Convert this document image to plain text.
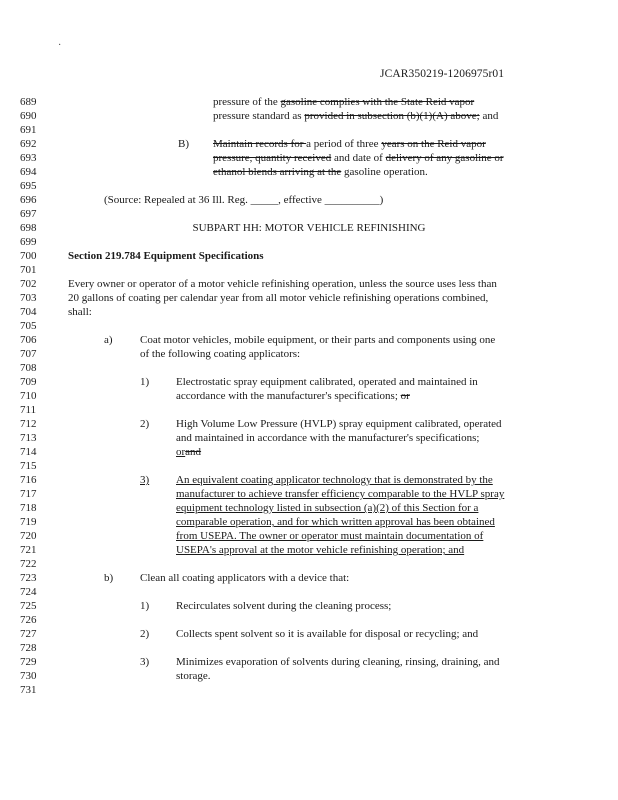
·
JCAR350219-1206975r01
689
690
691
692
693
694
695
696
697
698
699
700
701
702
703
704
705
706
707
708
709
710
711
712
713
714
715
716
717
718
719
720
721
722
723
724
725
726
727
728
729
730
731
pressure of the gasoline complies with the State Reid vapor
pressure standard as provided in subsection (b)(1)(A) above; and
B) Maintain records for a period of three years on the Reid vapor
pressure, quantity received and date of delivery of any gasoline or
ethanol blends arriving at the gasoline operation.
(Source: Repealed at 36 Ill. Reg. _____, effective __________)
SUBPART HH: MOTOR VEHICLE REFINISHING
Section 219.784 Equipment Specifications
Every owner or operator of a motor vehicle refinishing operation, unless the source uses less than
20 gallons of coating per calendar year from all motor vehicle refinishing operations combined,
shall:
a) Coat motor vehicles, mobile equipment, or their parts and components using one
of the following coating applicators:
1) Electrostatic spray equipment calibrated, operated and maintained in
accordance with the manufacturer's specifications; or
2) High Volume Low Pressure (HVLP) spray equipment calibrated, operated
and maintained in accordance with the manufacturer's specifications;
orand
3) An equivalent coating applicator technology that is demonstrated by the
manufacturer to achieve transfer efficiency comparable to the HVLP spray
equipment technology listed in subsection (a)(2) of this Section for a
comparable operation, and for which written approval has been obtained
from USEPA. The owner or operator must maintain documentation of
USEPA's approval at the motor vehicle refinishing operation; and
b) Clean all coating applicators with a device that:
1) Recirculates solvent during the cleaning process;
2) Collects spent solvent so it is available for disposal or recycling; and
3) Minimizes evaporation of solvents during cleaning, rinsing, draining, and
storage.
